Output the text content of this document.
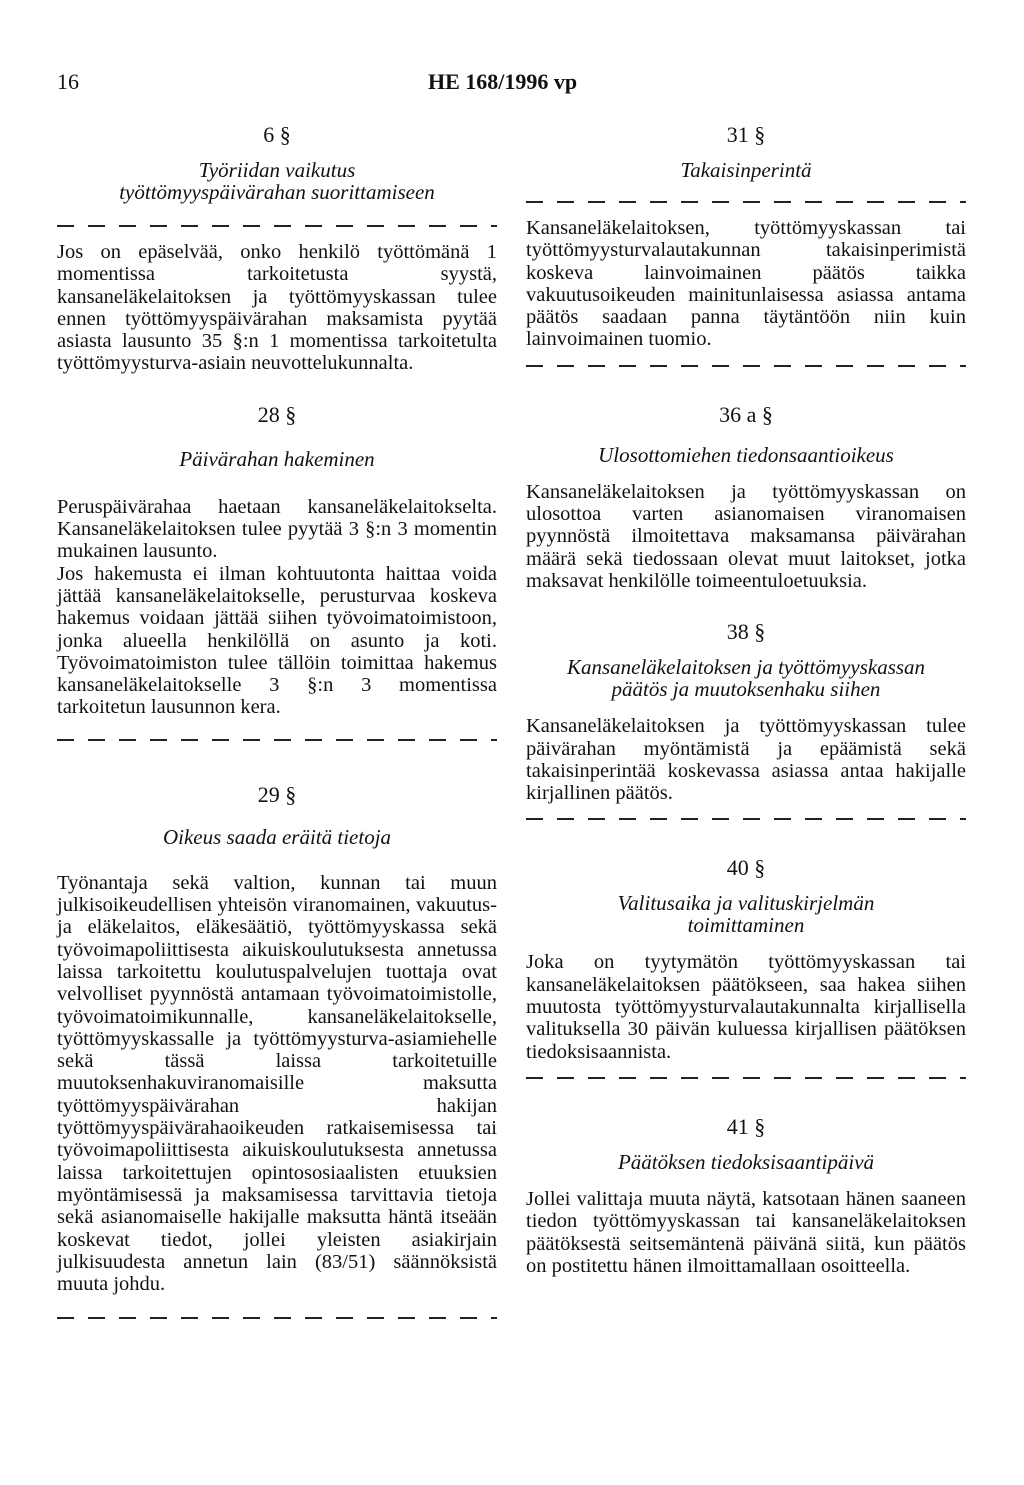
16	HE 168/1996 vp
6 §
Työriidan vaikutus työttömyyspäivärahan suorittamiseen

Jos on epäselvää, onko henkilö työttömänä 1 momentissa tarkoitetusta syystä, kansaneläkelaitoksen ja työttömyyskassan tulee ennen työttömyyspäivärahan maksamista pyytää asiasta lausunto 35 §:n 1 momentissa tarkoitetulta työttömyysturva-asiain neuvottelukunnalta.

28 §
Päivärahan hakeminen

Peruspäivärahaa haetaan kansaneläkelaitokselta. Kansaneläkelaitoksen tulee pyytää 3 §:n 3 momentin mukainen lausunto.

Jos hakemusta ei ilman kohtuutonta haittaa voida jättää kansaneläkelaitokselle, perusturvaa koskeva hakemus voidaan jättää siihen työvoimatoimistoon, jonka alueella henkilöllä on asunto ja koti. Työvoimatoimiston tulee tällöin toimittaa hakemus kansaneläkelaitokselle 3 §:n 3 momentissa tarkoitetun lausunnon kera.

29 §
Oikeus saada eräitä tietoja

Työnantaja sekä valtion, kunnan tai muun julkisoikeudellisen yhteisön viranomainen, vakuutus- ja eläkelaitos, eläkesäätiö, työttömyyskassa sekä työvoimapoliittisesta aikuiskoulutuksesta annetussa laissa tarkoitettu koulutuspalvelujen tuottaja ovat velvolliset pyynnöstä antamaan työvoimatoimistolle, työvoimatoimikunnalle, kansaneläkelaitokselle, työttömyyskassalle ja työttömyysturva-asiamiehelle sekä tässä laissa tarkoitetuille muutoksenhakuviranomaisille maksutta työttömyyspäivärahan hakijan työttömyyspäivärahaoikeuden ratkaisemisessa tai työvoimapoliittisesta aikuiskoulutuksesta annetussa laissa tarkoitettujen opintososiaalisten etuuksien myöntämisessä ja maksamisessa tarvittavia tietoja sekä asianomaiselle hakijalle maksutta häntä itseään koskevat tiedot, jollei yleisten asiakirjain julkisuudesta annetun lain (83/51) säännöksistä muuta johdu.

31 §
Takaisinperintä

Kansaneläkelaitoksen, työttömyyskassan tai työttömyysturvalautakunnan takaisinperimistä koskeva lainvoimainen päätös taikka vakuutusoikeuden mainitunlaisessa asiassa antama päätös saadaan panna täytäntöön niin kuin lainvoimainen tuomio.

36 a §
Ulosottomiehen tiedonsaantioikeus

Kansaneläkelaitoksen ja työttömyyskassan on ulosottoa varten asianomaisen viranomaisen pyynnöstä ilmoitettava maksamansa päivärahan määrä sekä tiedossaan olevat muut laitokset, jotka maksavat henkilölle toimeentuloetuuksia.

38 §
Kansaneläkelaitoksen ja työttömyyskassan päätös ja muutoksenhaku siihen

Kansaneläkelaitoksen ja työttömyyskassan tulee päivärahan myöntämistä ja epäämistä sekä takaisinperintää koskevassa asiassa antaa hakijalle kirjallinen päätös.

40 §
Valitusaika ja valituskirjelmän toimittaminen

Joka on tyytymätön työttömyyskassan tai kansaneläkelaitoksen päätökseen, saa hakea siihen muutosta työttömyysturvalautakunnalta kirjallisella valituksella 30 päivän kuluessa kirjallisen päätöksen tiedoksisaannista.

41 §
Päätöksen tiedoksisaantipäivä

Jollei valittaja muuta näytä, katsotaan hänen saaneen tiedon työttömyyskassan tai kansaneläkelaitoksen päätöksestä seitsemäntenä päivänä siitä, kun päätös on postitettu hänen ilmoittamallaan osoitteella.
